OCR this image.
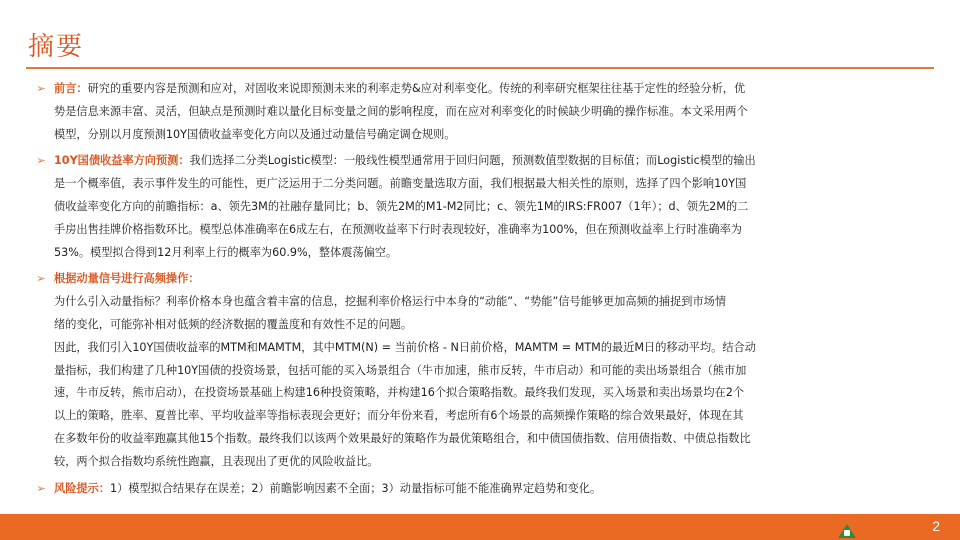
摘要
➢ 前言：研究的重要内容是预测和应对，对固收来说即预测未来的利率走势&应对利率变化。传统的利率研究框架往往基于定性的经验分析，优
势是信息来源丰富、灵活，但缺点是预测时难以量化目标变量之间的影响程度，而在应对利率变化的时候缺少明确的操作标准。本文采用两个
模型，分别以月度预测10Y国债收益率变化方向以及通过动量信号确定调仓规则。
➢ 10Y国债收益率方向预测：我们选择二分类Logistic模型：一般线性模型通常用于回归问题，预测数值型数据的目标值；而Logistic模型的输出
是一个概率值，表示事件发生的可能性，更广泛运用于二分类问题。前瞻变量选取方面，我们根据最大相关性的原则，选择了四个影响10Y国
债收益率变化方向的前瞻指标：a、领先3M的社融存量同比；b、领先2M的M1-M2同比；c、领先1M的IRS:FR007（1年）；d、领先2M的二
手房出售挂牌价格指数环比。模型总体准确率在6成左右，在预测收益率下行时表现较好，准确率为100%，但在预测收益率上行时准确率为
53%。模型拟合得到12月利率上行的概率为60.9%，整体震荡偏空。
➢ 根据动量信号进行高频操作：
为什么引入动量指标？利率价格本身也蕴含着丰富的信息，挖掘利率价格运行中本身的“动能”、“势能”信号能够更加高频的捕捉到市场情
绪的变化，可能弥补相对低频的经济数据的覆盖度和有效性不足的问题。
因此，我们引入10Y国债收益率的MTM和MAMTM，其中MTM(N) = 当前价格 - N日前价格，MAMTM = MTM的最近M日的移动平均。结合动
量指标，我们构建了几种10Y国债的投资场景，包括可能的买入场景组合（牛市加速，熊市反转，牛市启动）和可能的卖出场景组合（熊市加
速，牛市反转，熊市启动），在投资场景基础上构建16种投资策略，并构建16个拟合策略指数。最终我们发现，买入场景和卖出场景均在2个
以上的策略，胜率、夏普比率、平均收益率等指标表现会更好；而分年份来看，考虑所有6个场景的高频操作策略的综合效果最好，体现在其
在多数年份的收益率跑赢其他15个指数。最终我们以该两个效果最好的策略作为最优策略组合，和中债国债指数、信用债指数、中债总指数比
较，两个拟合指数均系统性跑赢，且表现出了更优的风险收益比。
➢ 风险提示：1）模型拟合结果存在误差；2）前瞻影响因素不全面；3）动量指标可能不能准确界定趋势和变化。
2
